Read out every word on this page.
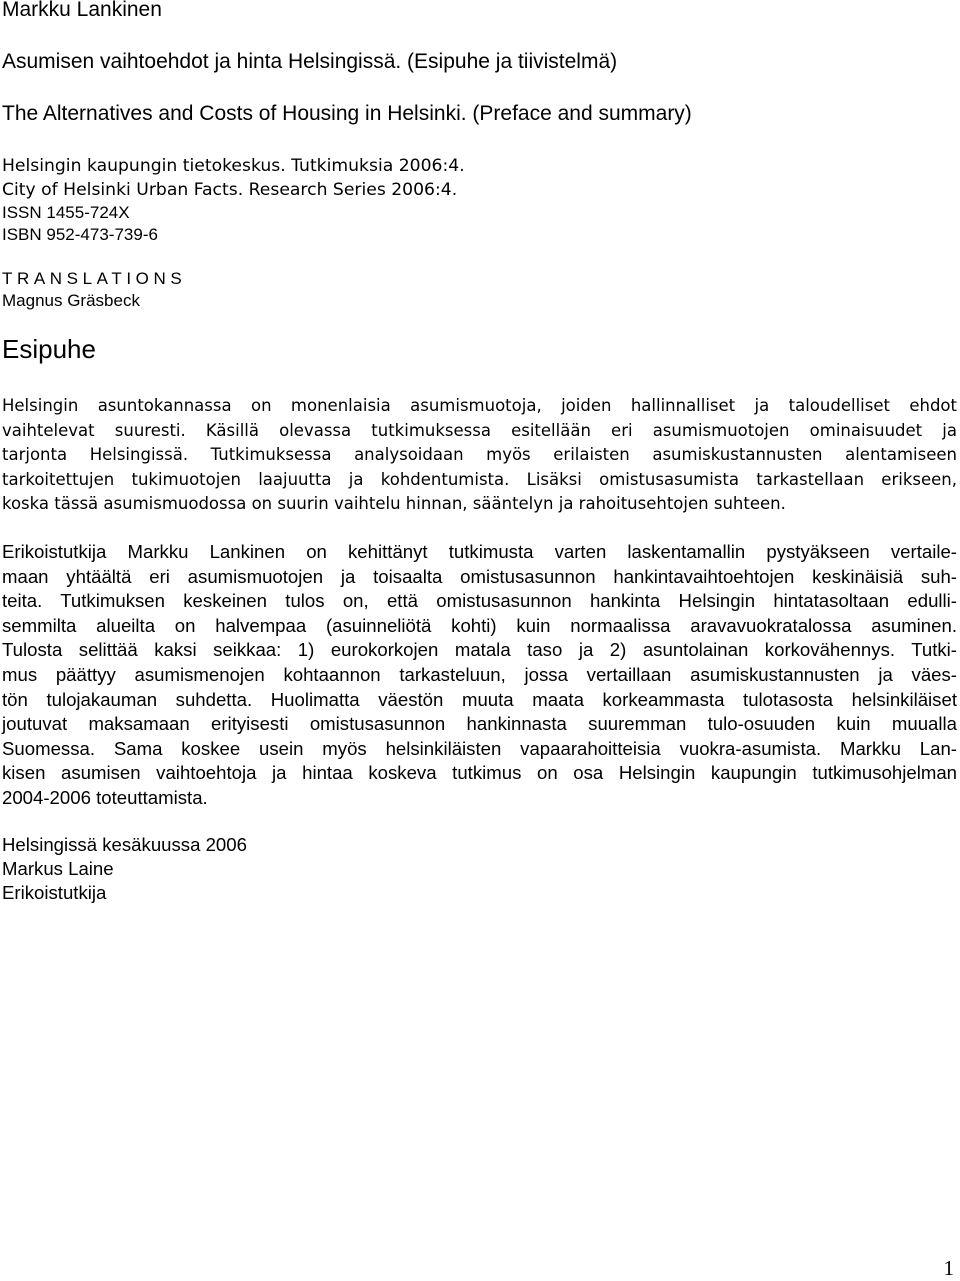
Markku Lankinen
Asumisen vaihtoehdot ja hinta Helsingissä. (Esipuhe ja tiivistelmä)
The Alternatives and Costs of Housing in Helsinki. (Preface and summary)
Helsingin kaupungin tietokeskus. Tutkimuksia 2006:4.
City of Helsinki Urban Facts. Research Series 2006:4.
ISSN 1455-724X
ISBN 952-473-739-6
TRANSLATIONS
Magnus Gräsbeck
Esipuhe
Helsingin asuntokannassa on monenlaisia asumismuotoja, joiden hallinnalliset ja taloudelliset ehdot
vaihtelevat suuresti. Käsillä olevassa tutkimuksessa esitellään eri asumismuotojen ominaisuudet ja
tarjonta Helsingissä. Tutkimuksessa analysoidaan myös erilaisten asumiskustannusten alentamiseen
tarkoitettujen tukimuotojen laajuutta ja kohdentumista. Lisäksi omistusasumista tarkastellaan erikseen,
koska tässä asumismuodossa on suurin vaihtelu hinnan, sääntelyn ja rahoitusehtojen suhteen.
Erikoistutkija Markku Lankinen on kehittänyt tutkimusta varten laskentamallin pystyäkseen vertaile-
maan yhtäältä eri asumismuotojen ja toisaalta omistusasunnon hankintavaihtoehtojen keskinäisiä suh-
teita. Tutkimuksen keskeinen tulos on, että omistusasunnon hankinta Helsingin hintatasoltaan edulli-
semmilta alueilta on halvempaa (asuinneliötä kohti) kuin normaalissa aravavuokratalossa asuminen.
Tulosta selittää kaksi seikkaa: 1) eurokorkojen matala taso ja 2) asuntolainan korkovähennys. Tutki-
mus päättyy asumismenojen kohtaannon tarkasteluun, jossa vertaillaan asumiskustannusten ja väes-
tön tulojakauman suhdetta. Huolimatta väestön muuta maata korkeammasta tulotasosta helsinkiläiset
joutuvat maksamaan erityisesti omistusasunnon hankinnasta suuremman tulo-osuuden kuin muualla
Suomessa. Sama koskee usein myös helsinkiläisten vapaarahoitteisia vuokra-asumista. Markku Lan-
kisen asumisen vaihtoehtoja ja hintaa koskeva tutkimus on osa Helsingin kaupungin tutkimusohjelman
2004-2006 toteuttamista.
Helsingissä kesäkuussa 2006
Markus Laine
Erikoistutkija
1
